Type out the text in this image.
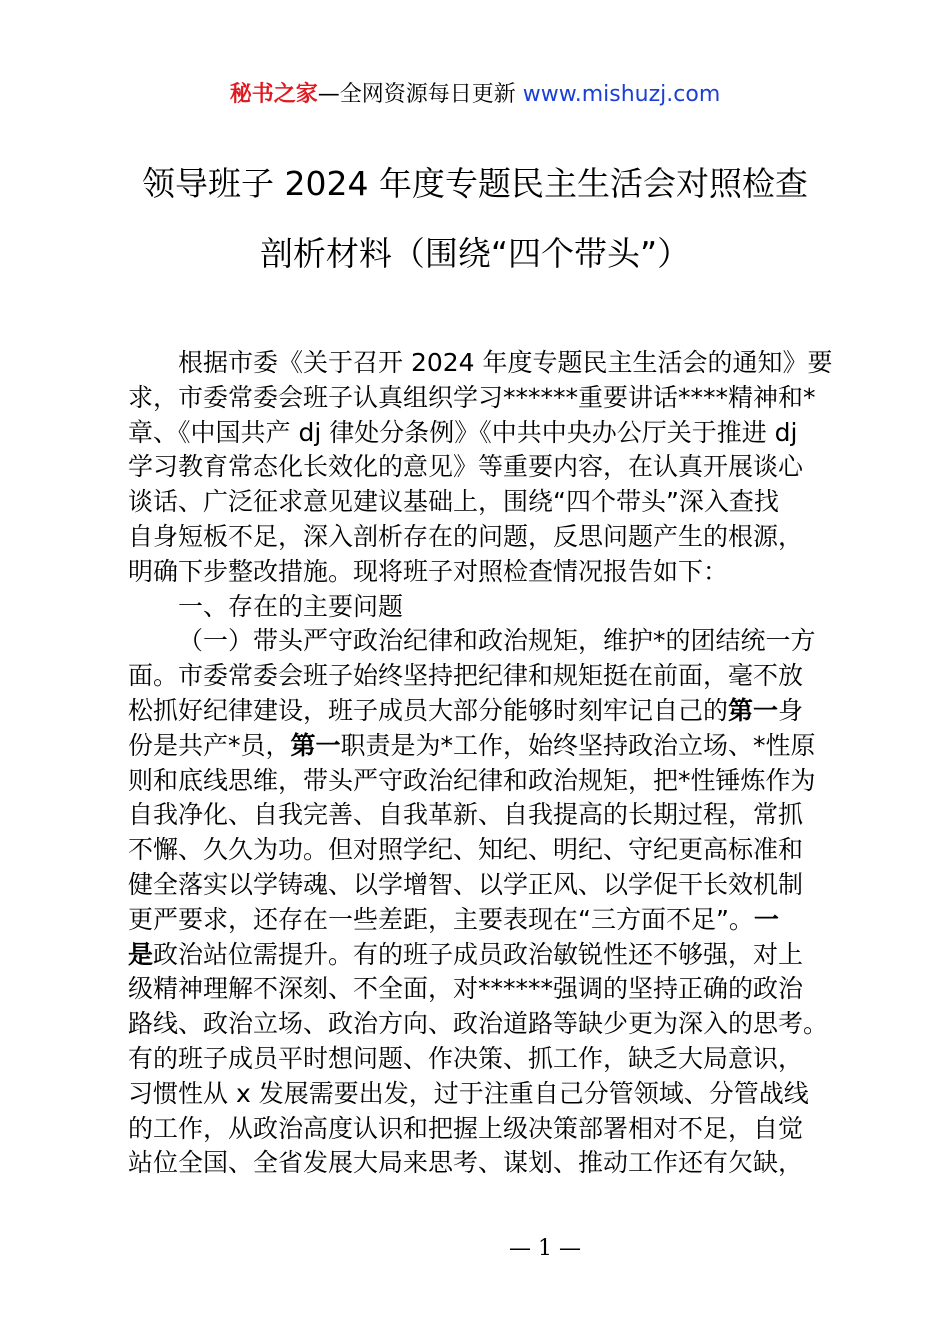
秘书之家—全网资源每日更新 www.mishuzj.com
领导班子 2024 年度专题民主生活会对照检查
剖析材料（围绕“四个带头”）
根据市委《关于召开 2024 年度专题民主生活会的通知》要
求，市委常委会班子认真组织学习******重要讲话****精神和*
章、《中国共产 dj 律处分条例》《中共中央办公厅关于推进 dj
学习教育常态化长效化的意见》等重要内容，在认真开展谈心
谈话、广泛征求意见建议基础上，围绕“四个带头”深入查找
自身短板不足，深入剖析存在的问题，反思问题产生的根源，
明确下步整改措施。现将班子对照检查情况报告如下：
一、存在的主要问题
（一）带头严守政治纪律和政治规矩，维护*的团结统一方
面。市委常委会班子始终坚持把纪律和规矩挺在前面，毫不放
松抓好纪律建设，班子成员大部分能够时刻牢记自己的第一身
份是共产*员，第一职责是为*工作，始终坚持政治立场、*性原
则和底线思维，带头严守政治纪律和政治规矩，把*性锤炼作为
自我净化、自我完善、自我革新、自我提高的长期过程，常抓
不懈、久久为功。但对照学纪、知纪、明纪、守纪更高标准和
健全落实以学铸魂、以学增智、以学正风、以学促干长效机制
更严要求，还存在一些差距，主要表现在“三方面不足”。一
是政治站位需提升。有的班子成员政治敏锐性还不够强，对上
级精神理解不深刻、不全面，对******强调的坚持正确的政治
路线、政治立场、政治方向、政治道路等缺少更为深入的思考。
有的班子成员平时想问题、作决策、抓工作，缺乏大局意识，
习惯性从 x 发展需要出发，过于注重自己分管领域、分管战线
的工作，从政治高度认识和把握上级决策部署相对不足，自觉
站位全国、全省发展大局来思考、谋划、推动工作还有欠缺，
— 1 —
